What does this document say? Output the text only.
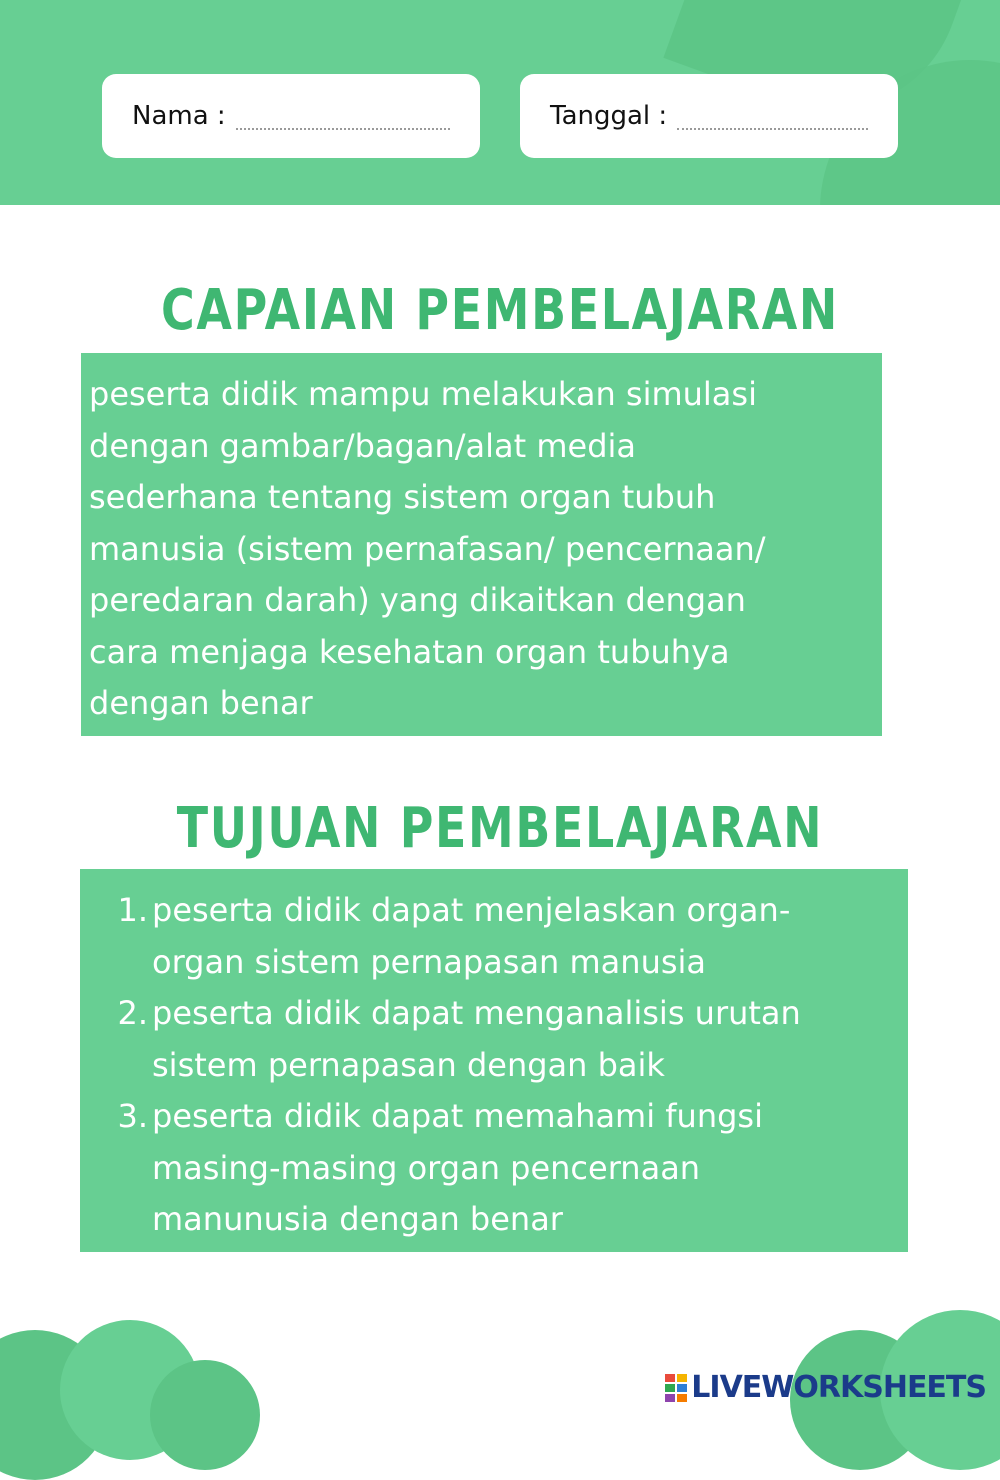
Nama :	Tanggal :
CAPAIAN PEMBELAJARAN

peserta didik mampu melakukan simulasi

dengan gambar/bagan/alat media

sederhana tentang sistem organ tubuh

manusia (sistem pernafasan/ pencernaan/

peredaran darah) yang dikaitkan dengan

cara menjaga kesehatan organ tubuhya

dengan benar

TUJUAN PEMBELAJARAN
1. peserta didik dapat menjelaskan organ-
organ sistem pernapasan manusia
2. peserta didik dapat menganalisis urutan
sistem pernapasan dengan baik
3. peserta didik dapat memahami fungsi
masing-masing organ pencernaan
manunusia dengan benar
LIVEWORKSHEETS
